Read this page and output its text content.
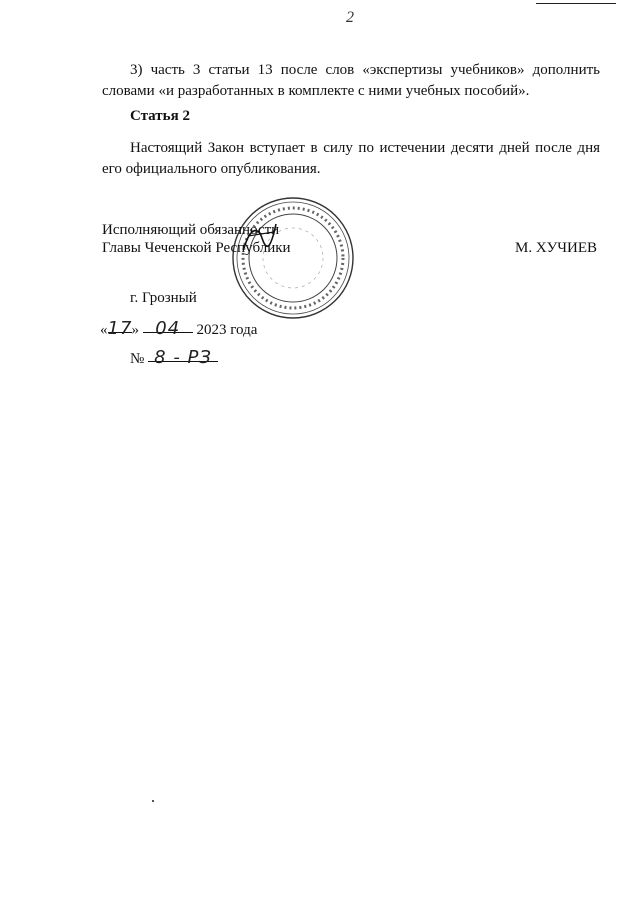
2
3) часть 3 статьи 13 после слов «экспертизы учебников» дополнить словами «и разработанных в комплекте с ними учебных пособий».
Статья 2
Настоящий Закон вступает в силу по истечении десяти дней после дня его официального опубликования.
Исполняющий обязанности
Главы Чеченской Республики	М. ХУЧИЕВ
г. Грозный
«17» 04 2023 года
№ 8 - РЗ
